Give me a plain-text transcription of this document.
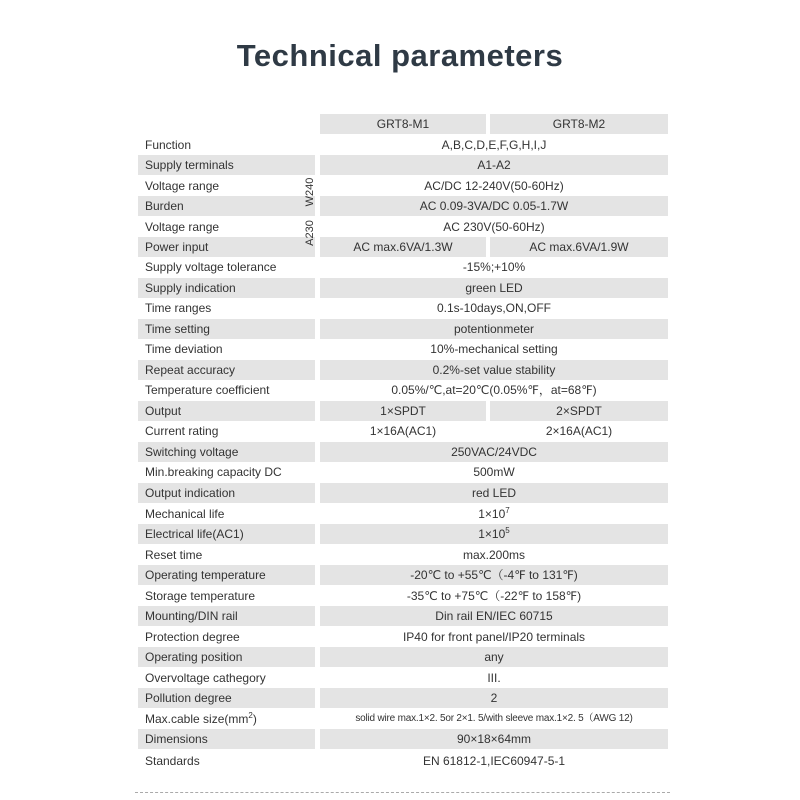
Technical parameters
GRT8-M1	GRT8-M2
Function	A,B,C,D,E,F,G,H,I,J
Supply terminals	A1-A2
Voltage range	AC/DC 12-240V(50-60Hz)
Burden	AC 0.09-3VA/DC 0.05-1.7W
Voltage range	AC 230V(50-60Hz)
Power input	AC max.6VA/1.3W	AC max.6VA/1.9W
Supply voltage tolerance	-15%;+10%
Supply indication	green LED
Time ranges	0.1s-10days,ON,OFF
Time setting	potentionmeter
Time deviation	10%-mechanical setting
Repeat accuracy	0.2%-set value stability
Temperature coefficient	0.05%/℃,at=20℃(0.05%℉，at=68℉)
Output	1×SPDT	2×SPDT
Current rating	1×16A(AC1)	2×16A(AC1)
Switching voltage	250VAC/24VDC
Min.breaking capacity DC	500mW
Output indication	red LED
Mechanical life	$1\times 10^7$
Electrical life(AC1)	$1\times 10^5$
Reset time	max.200ms
Operating temperature	-20℃ to +55℃（-4℉ to 131℉)
Storage temperature	-35℃ to +75℃（-22℉ to 158℉)
Mounting/DIN rail	Din rail EN/IEC 60715
Protection degree	IP40 for front panel/IP20 terminals
Operating position	any
Overvoltage cathegory	III.
Pollution degree	2
Max.cable $size(mm^2)$	solid wire max.1×2. 5or 2×1. 5/with sleeve max.1×2. 5（AWG 12)
Dimensions	90×18×64mm
Standards	EN 61812-1,IEC60947-5-1
W240
A230
